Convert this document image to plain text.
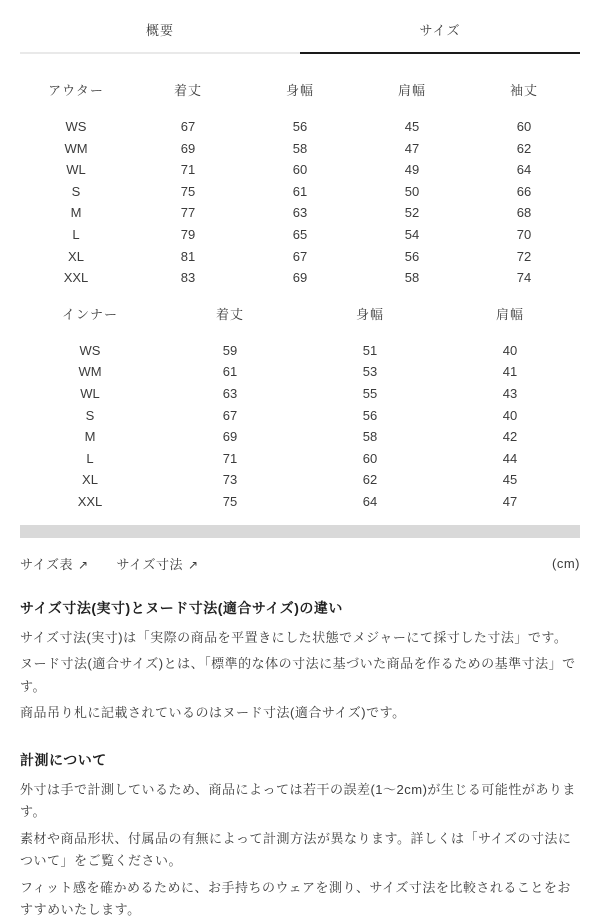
概要	サイズ
アウター	着丈	身幅	肩幅	袖丈
WS	67	56	45	60
WM	69	58	47	62
WL	71	60	49	64
S	75	61	50	66
M	77	63	52	68
L	79	65	54	70
XL	81	67	56	72
XXL	83	69	58	74
インナー	着丈	身幅	肩幅
WS	59	51	40
WM	61	53	41
WL	63	55	43
S	67	56	40
M	69	58	42
L	71	60	44
XL	73	62	45
XXL	75	64	47
サイズ表 ↗ サイズ寸法 ↗	(cm)
サイズ寸法(実寸)とヌード寸法(適合サイズ)の違い

サイズ寸法(実寸)は「実際の商品を平置きにした状態でメジャーにて採寸した寸法」です。

ヌード寸法(適合サイズ)とは、「標準的な体の寸法に基づいた商品を作るための基準寸法」です。

商品吊り札に記載されているのはヌード寸法(適合サイズ)です。

計測について

外寸は手で計測しているため、商品によっては若干の誤差(1〜2cm)が生じる可能性があります。

素材や商品形状、付属品の有無によって計測方法が異なります。詳しくは「サイズの寸法について」をご覧ください。

フィット感を確かめるために、お手持ちのウェアを測り、サイズ寸法を比較されることをおすすめいたします。
